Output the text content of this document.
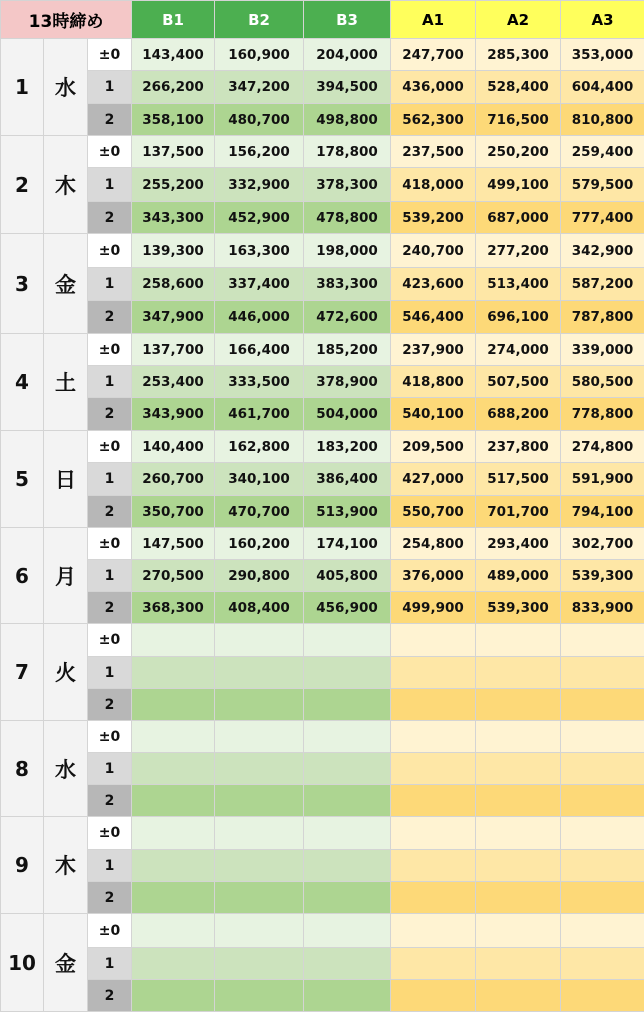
13時締め			B1	B2	B3	A1	A2	A3
1	水	±0	143,400	160,900	204,000	247,700	285,300	353,000
		1	266,200	347,200	394,500	436,000	528,400	604,400
		2	358,100	480,700	498,800	562,300	716,500	810,800
2	木	±0	137,500	156,200	178,800	237,500	250,200	259,400
		1	255,200	332,900	378,300	418,000	499,100	579,500
		2	343,300	452,900	478,800	539,200	687,000	777,400
3	金	±0	139,300	163,300	198,000	240,700	277,200	342,900
		1	258,600	337,400	383,300	423,600	513,400	587,200
		2	347,900	446,000	472,600	546,400	696,100	787,800
4	土	±0	137,700	166,400	185,200	237,900	274,000	339,000
		1	253,400	333,500	378,900	418,800	507,500	580,500
		2	343,900	461,700	504,000	540,100	688,200	778,800
5	日	±0	140,400	162,800	183,200	209,500	237,800	274,800
		1	260,700	340,100	386,400	427,000	517,500	591,900
		2	350,700	470,700	513,900	550,700	701,700	794,100
6	月	±0	147,500	160,200	174,100	254,800	293,400	302,700
		1	270,500	290,800	405,800	376,000	489,000	539,300
		2	368,300	408,400	456,900	499,900	539,300	833,900
7	火	±0						
		1						
		2						
8	水	±0						
		1						
		2						
9	木	±0						
		1						
		2						
10	金	±0						
		1						
		2						
